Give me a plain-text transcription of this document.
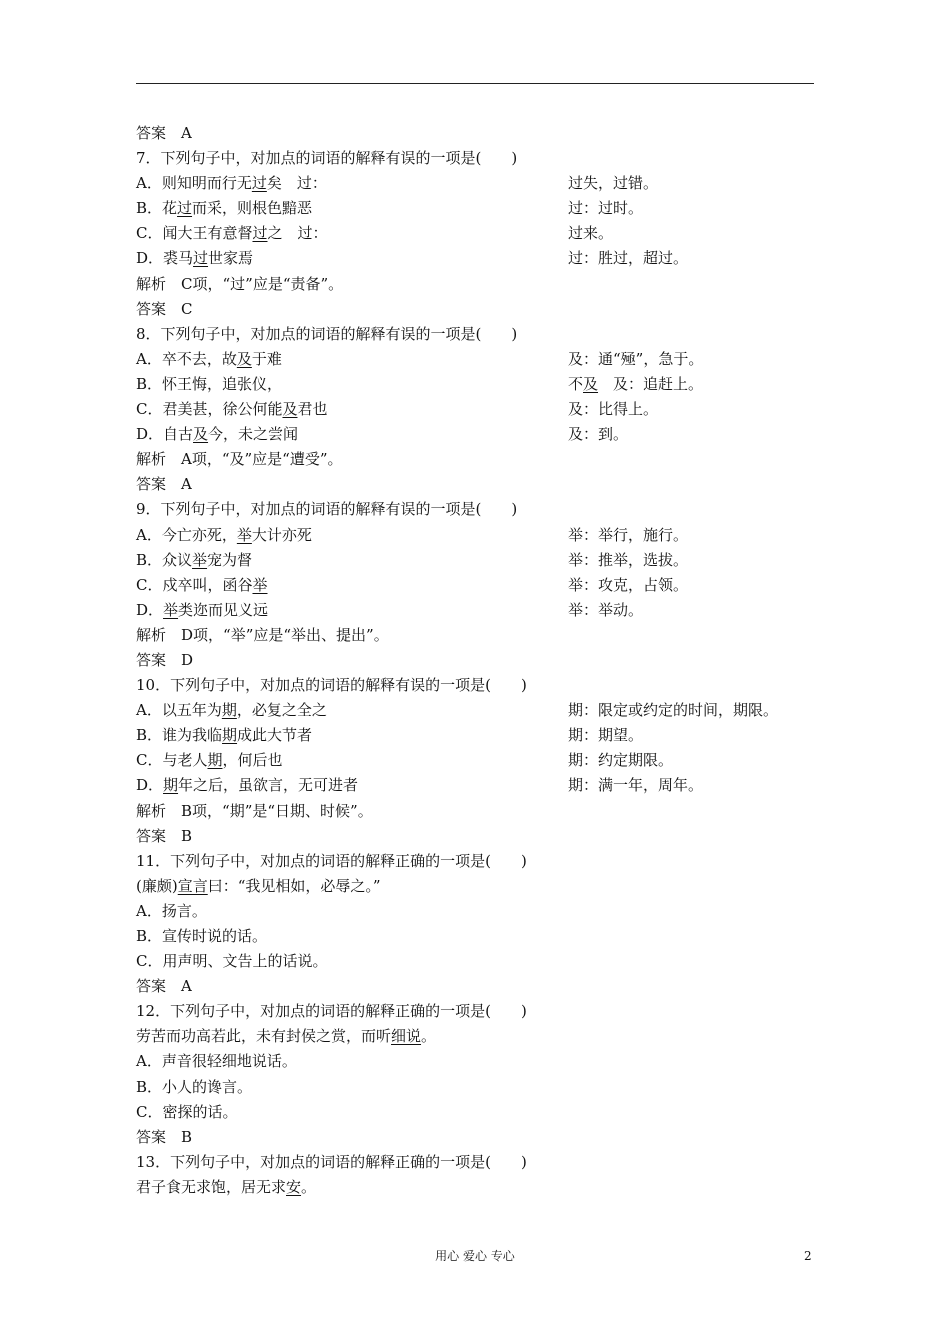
答案　A
7．下列句子中，对加点的词语的解释有误的一项是(　　)
A．则知明而行无过矣　过：	过失，过错。
B．花过而采，则根色黯恶	过：过时。
C．闻大王有意督过之　过：	过来。
D．裘马过世家焉	过：胜过，超过。
解析　C项，“过”应是“责备”。
答案　C
8．下列句子中，对加点的词语的解释有误的一项是(　　)
A．卒不去，故及于难	及：通“殛”，急于。
B．怀王悔，追张仪，	不及　及：追赶上。
C．君美甚，徐公何能及君也	及：比得上。
D．自古及今，未之尝闻	及：到。
解析　A项，“及”应是“遭受”。
答案　A
9．下列句子中，对加点的词语的解释有误的一项是(　　)
A．今亡亦死，举大计亦死	举：举行，施行。
B．众议举宠为督	举：推举，选拔。
C．戍卒叫，函谷举	举：攻克，占领。
D．举类迩而见义远	举：举动。
解析　D项，“举”应是“举出、提出”。
答案　D
10．下列句子中，对加点的词语的解释有误的一项是(　　)
A．以五年为期，必复之全之	期：限定或约定的时间，期限。
B．谁为我临期成此大节者	期：期望。
C．与老人期，何后也	期：约定期限。
D．期年之后，虽欲言，无可进者	期：满一年，周年。
解析　B项，“期”是“日期、时候”。
答案　B
11．下列句子中，对加点的词语的解释正确的一项是(　　)
(廉颇)宣言曰：“我见相如，必辱之。”
A．扬言。
B．宣传时说的话。
C．用声明、文告上的话说。
答案　A
12．下列句子中，对加点的词语的解释正确的一项是(　　)
劳苦而功高若此，未有封侯之赏，而听细说。
A．声音很轻细地说话。
B．小人的谗言。
C．密探的话。
答案　B
13．下列句子中，对加点的词语的解释正确的一项是(　　)
君子食无求饱，居无求安。
用心 爱心 专心	2
